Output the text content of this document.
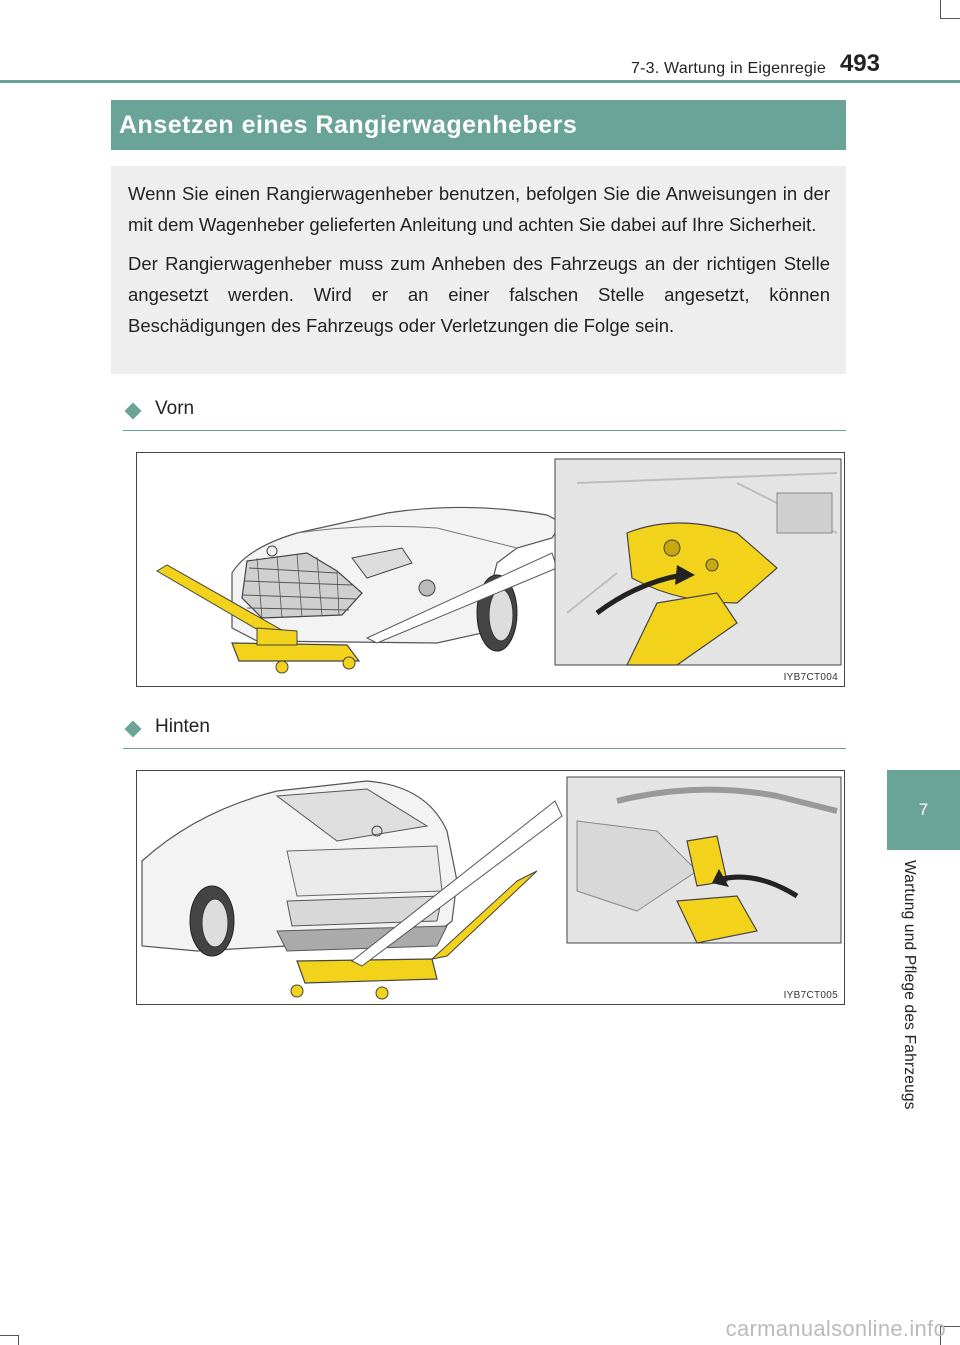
7-3. Wartung in Eigenregie 493
Ansetzen eines Rangierwagenhebers

Wenn Sie einen Rangierwagenheber benutzen, befolgen Sie die Anweisungen in der mit dem Wagenheber gelieferten Anleitung und achten Sie dabei auf Ihre Sicherheit.

Der Rangierwagenheber muss zum Anheben des Fahrzeugs an der richtigen Stelle angesetzt werden. Wird er an einer falschen Stelle angesetzt, können Beschädigungen des Fahrzeugs oder Verletzungen die Folge sein.

Vorn
IYB7CT004
Hinten
IYB7CT005
7
Wartung und Pflege des Fahrzeugs
carmanualsonline.info
